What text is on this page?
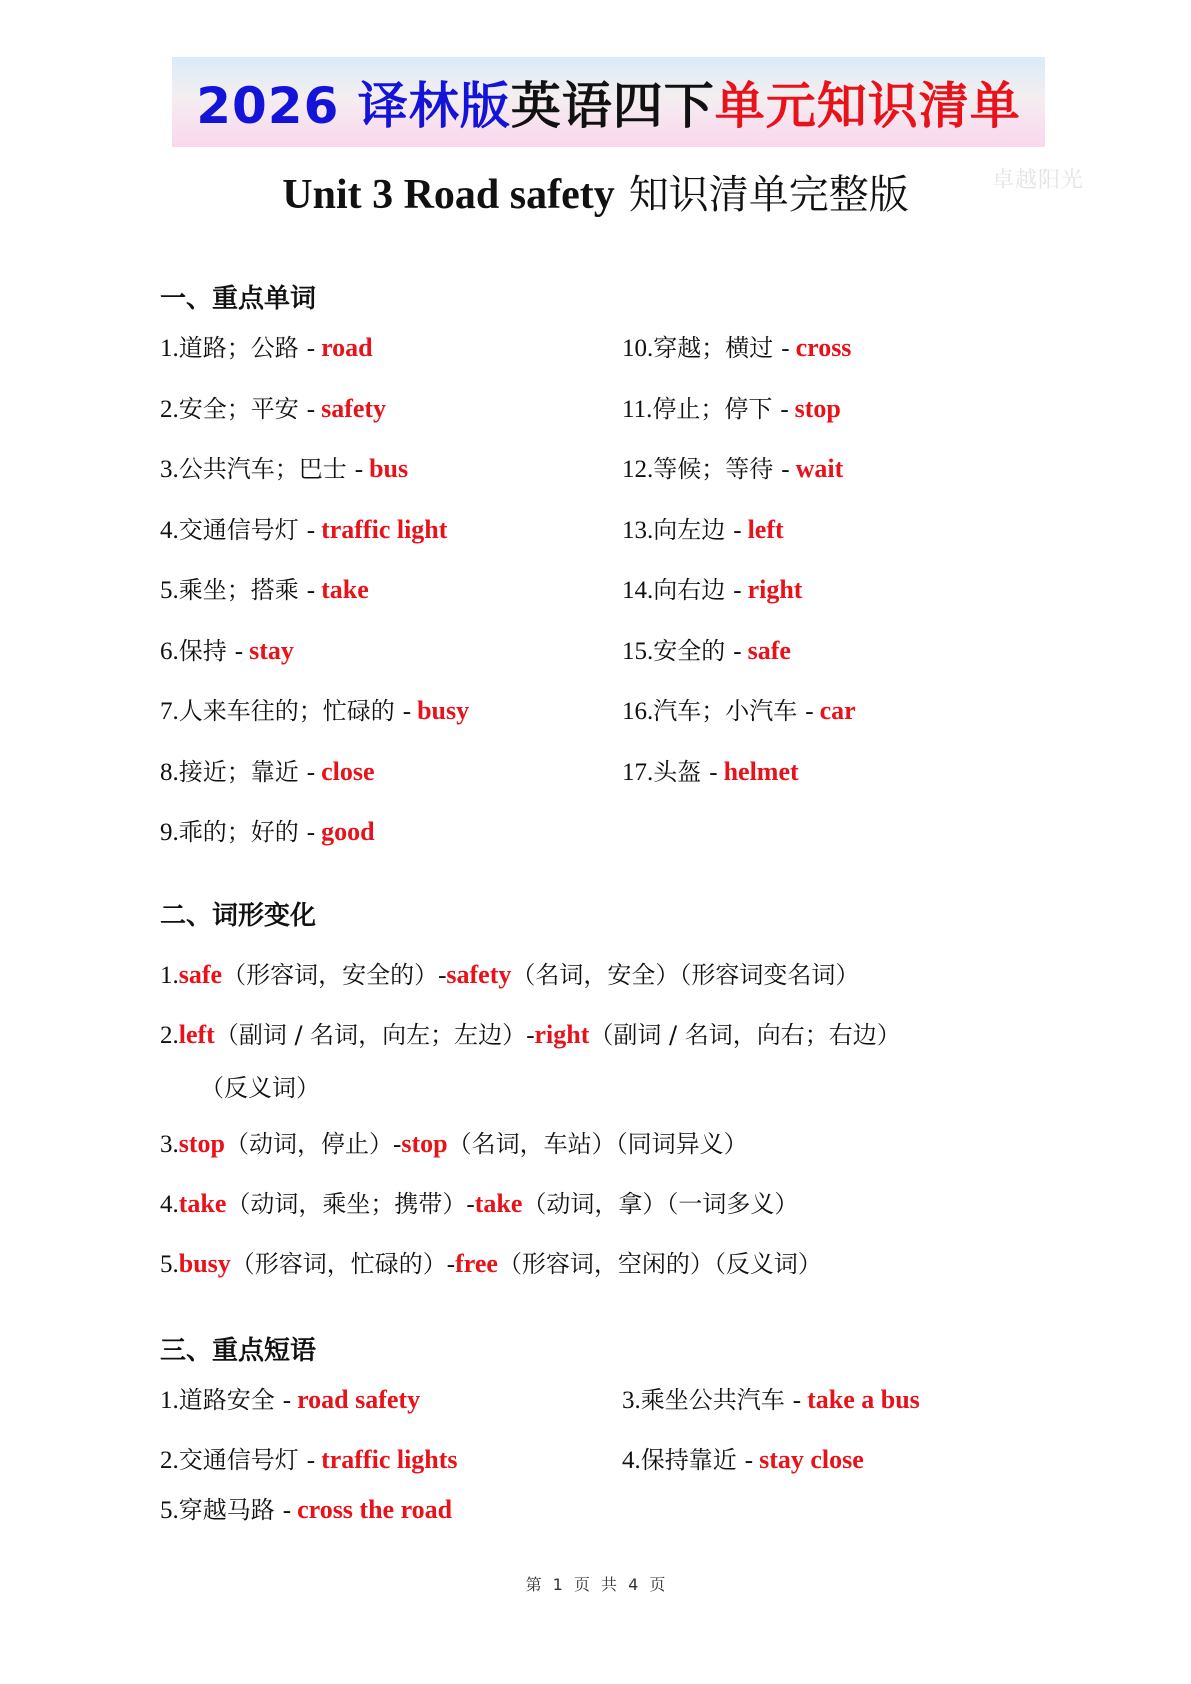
2026 译林版英语四下单元知识清单
Unit 3 Road safety 知识清单完整版	卓越阳光
一、重点单词
1.道路；公路 - road
2.安全；平安 - safety
3.公共汽车；巴士 - bus
4.交通信号灯 - traffic light
5.乘坐；搭乘 - take
6.保持 - stay
7.人来车往的；忙碌的 - busy
8.接近；靠近 - close
9.乖的；好的 - good
10.穿越；横过 - cross
11.停止；停下 - stop
12.等候；等待 - wait
13.向左边 - left
14.向右边 - right
15.安全的 - safe
16.汽车；小汽车 - car
17.头盔 - helmet
二、词形变化
1.safe（形容词，安全的）-safety（名词，安全）（形容词变名词）
2.left（副词 / 名词，向左；左边）-right（副词 / 名词，向右；右边）
（反义词）
3.stop（动词，停止）-stop（名词，车站）（同词异义）
4.take（动词，乘坐；携带）-take（动词，拿）（一词多义）
5.busy（形容词，忙碌的）-free（形容词，空闲的）（反义词）
三、重点短语
1.道路安全 - road safety
2.交通信号灯 - traffic lights
3.乘坐公共汽车 - take a bus
4.保持靠近 - stay close
5.穿越马路 - cross the road
第 1 页 共 4 页
